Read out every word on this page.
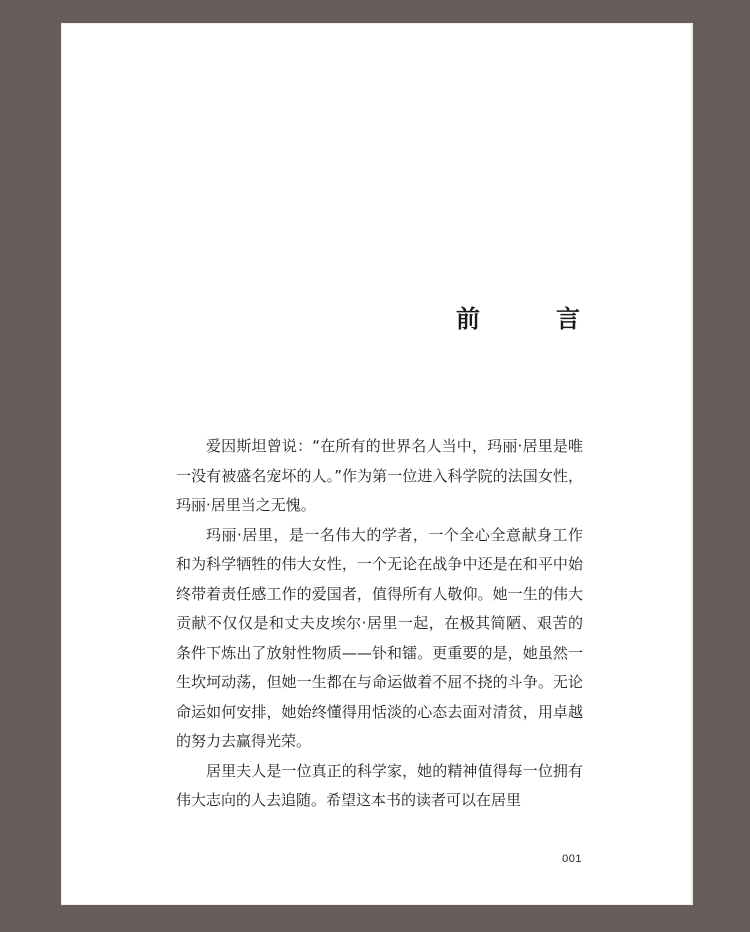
前　言

爱因斯坦曾说：“在所有的世界名人当中，玛丽·居里是唯一没有被盛名宠坏的人。”作为第一位进入科学院的法国女性，玛丽·居里当之无愧。

玛丽·居里，是一名伟大的学者，一个全心全意献身工作和为科学牺牲的伟大女性，一个无论在战争中还是在和平中始终带着责任感工作的爱国者，值得所有人敬仰。她一生的伟大贡献不仅仅是和丈夫皮埃尔·居里一起，在极其简陋、艰苦的条件下炼出了放射性物质——钋和镭。更重要的是，她虽然一生坎坷动荡，但她一生都在与命运做着不屈不挠的斗争。无论命运如何安排，她始终懂得用恬淡的心态去面对清贫，用卓越的努力去赢得光荣。

居里夫人是一位真正的科学家，她的精神值得每一位拥有伟大志向的人去追随。希望这本书的读者可以在居里

001
